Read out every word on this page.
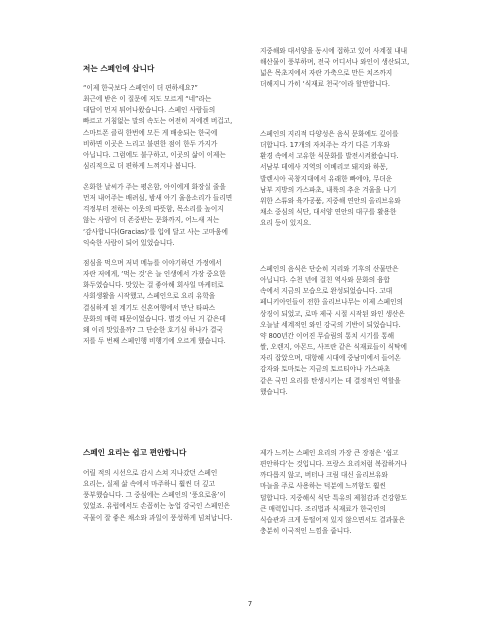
저는 스페인에 삽니다
“이제 한국보다 스페인이 더 편하세요?”
최근에 받은 이 질문에 저도 모르게 “네”라는
대답이 먼저 튀어나왔습니다. 스페인 사람들의
빠르고 거침없는 말의 속도는 여전히 저에겐 버겁고,
스마트폰 클릭 한번에 모든 게 배송되는 한국에
비하면 이곳은 느리고 불편한 점이 한두 가지가
아닙니다. 그럼에도 불구하고, 이곳의 삶이 이제는
심리적으로 더 편하게 느껴지나 봅니다.
온화한 날씨가 주는 평온함, 아이에게 화장실 줄을
먼저 내어주는 배려심, 밤새 아기 울음소리가 들리면
걱정부터 전하는 이웃의 따뜻함, 목소리를 높이지
않는 사람이 더 존중받는 문화까지, 어느새 저는
‘감사합니다(Gracias)’를 입에 달고 사는 고마움에
익숙한 사람이 되어 있었습니다.
점심을 먹으며 저녁 메뉴를 이야기하던 가정에서
자란 저에게, ‘먹는 것’은 늘 인생에서 가장 중요한
화두였습니다. 맛있는 걸 좋아해 회사일 마케터로
사회생활을 시작했고, 스페인으로 요리 유학을
결심하게 된 계기도 신혼여행에서 만난 타파스
문화의 매력 때문이었습니다. 별것 아닌 거 같은데
왜 이리 맛있을까? 그 단순한 호기심 하나가 결국
저를 두 번째 스페인행 비행기에 오르게 했습니다.
스페인 요리는 쉽고 편안합니다
어릴 적의 시선으로 감시 스쳐 지나갔던 스페인
요리는, 실제 삶 속에서 마주하니 훨씬 더 깊고
풍부했습니다. 그 중심에는 스페인의 ‘풍요로움’이
있었죠. 유럽에서도 손꼽히는 농업 강국인 스페인은
곡물이 잘 좋은 채소와 과일이 풍성하게 넘쳐납니다.
지중해와 대서양을 동시에 접하고 있어 사계절 내내
해산물이 풍부하며, 전국 어디서나 와인이 생산되고,
넓은 목초지에서 자란 가축으로 만든 치즈까지
더해지니 가히 ‘식재료 천국’이라 할만합니다.
스페인의 지리적 다양성은 음식 문화에도 깊이를
더합니다. 17개의 자치주는 각기 다른 기후와
환경 속에서 고유한 식문화를 발전시켜왔습니다.
서남부 데에사 지역의 이베리코 돼지와 하몽,
발렌시아 곡창지대에서 유래한 빠에야, 무더운
남부 지방의 가스파초, 내륙의 추운 겨울을 나기
위한 스튜와 육가공품, 지중해 연안의 올리브유와
채소 중심의 식단, 대서양 연안의 대구를 활용한
요리 등이 있지요.
스페인의 음식은 단순히 지리와 기후의 산물만은
아닙니다. 수천 년에 걸친 역사와 문화의 융합
속에서 지금의 모습으로 완성되었습니다. 고대
페니키아인들이 전한 올리브나무는 이제 스페인의
상징이 되었고, 로마 제국 시절 시작된 와인 생산은
오늘날 세계적인 와인 강국의 기반이 되었습니다.
약 800년간 이어진 무슬림의 통치 시기를 통해
쌀, 오렌지, 아몬드, 사프란 같은 식재료들이 식탁에
자리 잡았으며, 대항해 시대에 중남미에서 들어온
감자와 토마토는 지금의 토르티야나 가스파초
같은 국민 요리를 탄생시키는 데 결정적인 역할을
했습니다.
제가 느끼는 스페인 요리의 가장 큰 장점은 ‘쉽고
편안하다’는 것입니다. 프랑스 요리처럼 복잡하거나
까다롭지 않고, 버터나 크림 대신 올리브유와
마늘을 주로 사용하는 덕분에 느끼함도 훨씬
덜합니다. 지중해식 식단 특유의 제철감과 건강함도
큰 매력입니다. 조리법과 식재료가 한국인의
식습관과 크게 동떨어져 있지 않으면서도 결과물은
충분히 이국적인 느낌을 줍니다.
7
